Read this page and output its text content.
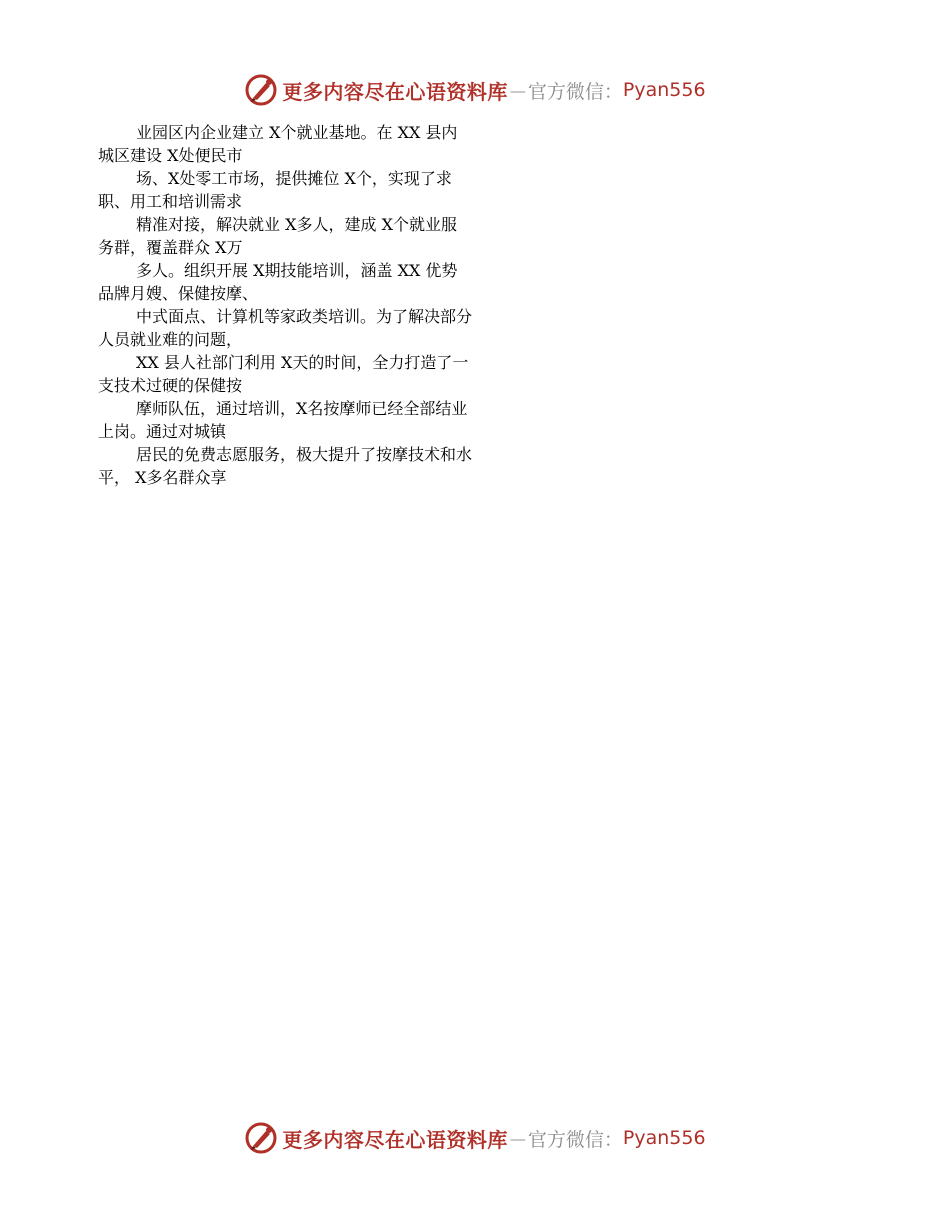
更多内容尽在心语资料库 — 官方微信： Pyan556
业园区内企业建立 X个就业基地。在 XX 县内
城区建设 X处便民市
场、X处零工市场，提供摊位 X个，实现了求
职、用工和培训需求
精准对接，解决就业 X多人，建成 X个就业服
务群，覆盖群众 X万
多人。组织开展 X期技能培训，涵盖 XX 优势
品牌月嫂、保健按摩、
中式面点、计算机等家政类培训。为了解决部分
人员就业难的问题，
XX 县人社部门利用 X天的时间，全力打造了一
支技术过硬的保健按
摩师队伍，通过培训，X名按摩师已经全部结业
上岗。通过对城镇
居民的免费志愿服务，极大提升了按摩技术和水
平， X多名群众享
更多内容尽在心语资料库 — 官方微信： Pyan556
